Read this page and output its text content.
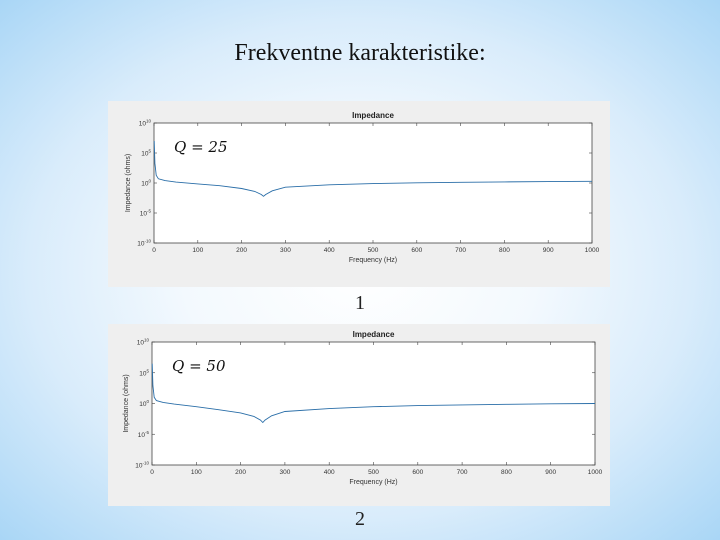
Frekventne karakteristike:
Impedance
0	100	200	300	400	500	600	700	800	900	1000
$10^{10}$
$10^5$
$10^0$
$10^{-5}$
$10^{-10}$
Frequency (Hz)
Impedance (ohms)
Q = 25
1
Impedance
0	100	200	300	400	500	600	700	800	900	1000
$10^{10}$
$10^5$
$10^0$
$10^{-5}$
$10^{-10}$
Frequency (Hz)
Impedance (ohms)
Q = 50
2
